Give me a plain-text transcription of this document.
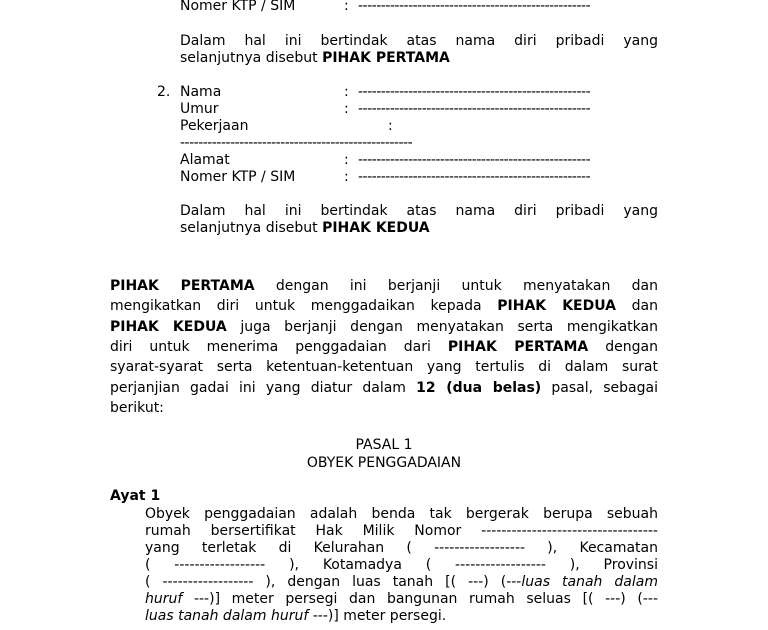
Nomer KTP / SIM	: ---------------------------------------------------
Dalam hal ini bertindak atas nama diri pribadi yang
selanjutnya disebut PIHAK PERTAMA
2. Nama	: ---------------------------------------------------
Umur	: ---------------------------------------------------
Pekerjaan	:
---------------------------------------------------
Alamat	: ---------------------------------------------------
Nomer KTP / SIM	: ---------------------------------------------------
Dalam hal ini bertindak atas nama diri pribadi yang
selanjutnya disebut PIHAK KEDUA
PIHAK PERTAMA dengan ini berjanji untuk menyatakan dan
mengikatkan diri untuk menggadaikan kepada PIHAK KEDUA dan
PIHAK KEDUA juga berjanji dengan menyatakan serta mengikatkan
diri untuk menerima penggadaian dari PIHAK PERTAMA dengan
syarat-syarat serta ketentuan-ketentuan yang tertulis di dalam surat
perjanjian gadai ini yang diatur dalam 12 (dua belas) pasal, sebagai
berikut:
PASAL 1
OBYEK PENGGADAIAN
Ayat 1
Obyek penggadaian adalah benda tak bergerak berupa sebuah
rumah bersertifikat Hak Milik Nomor -----------------------------------
yang terletak di Kelurahan ( ------------------ ), Kecamatan
( ------------------ ), Kotamadya ( ------------------ ), Provinsi
( ------------------ ), dengan luas tanah [( ---) (---luas tanah dalam
huruf ---)] meter persegi dan bangunan rumah seluas [( ---) (---
luas tanah dalam huruf ---)] meter persegi.
